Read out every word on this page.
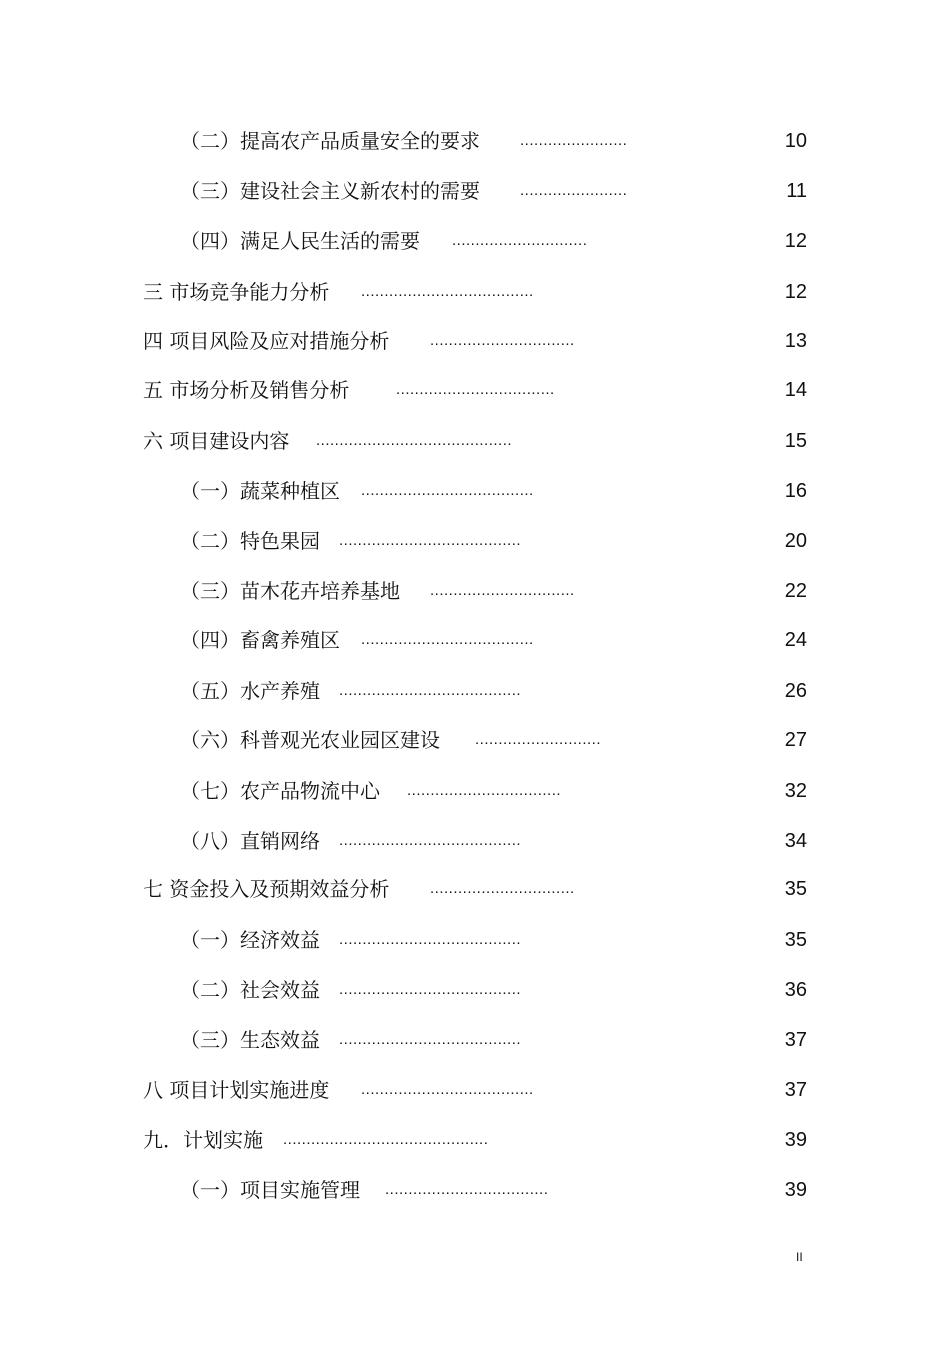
（二）提高农产品质量安全的要求	.......................	10
（三）建设社会主义新农村的需要	.......................	11
（四）满足人民生活的需要 .............................	12
三 市场竞争能力分析 .....................................	12
四 项目风险及应对措施分析	...............................	13
五 市场分析及销售分析	..................................	14
六 项目建设内容 ..........................................	15
（一）蔬菜种植区 .....................................	16
（二）特色果园 .......................................	20
（三）苗木花卉培养基地 ...............................	22
（四）畜禽养殖区 .....................................	24
（五）水产养殖 .......................................	26
（六）科普观光农业园区建设 ...........................	27
（七）农产品物流中心 .................................	32
（八）直销网络 .......................................	34
七 资金投入及预期效益分析	...............................	35
（一）经济效益 .......................................	35
（二）社会效益 .......................................	36
（三）生态效益 .......................................	37
八 项目计划实施进度 .....................................	37
九．计划实施 ............................................	39
（一）项目实施管理 ...................................	39
II
